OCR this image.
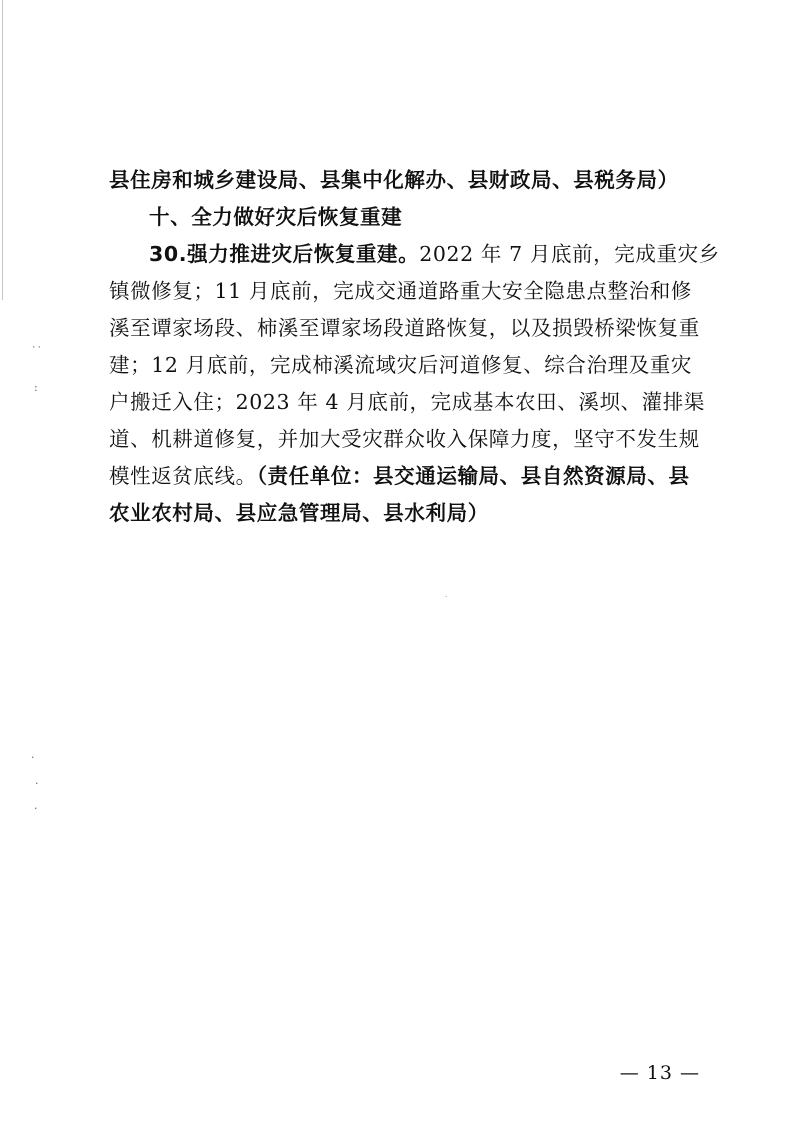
˙˙
:
·
·
.
·
县住房和城乡建设局、县集中化解办、县财政局、县税务局）
十、全力做好灾后恢复重建
30.强力推进灾后恢复重建。2022 年 7 月底前，完成重灾乡
镇微修复；11 月底前，完成交通道路重大安全隐患点整治和修
溪至谭家场段、柿溪至谭家场段道路恢复，以及损毁桥梁恢复重
建；12 月底前，完成柿溪流域灾后河道修复、综合治理及重灾
户搬迁入住；2023 年 4 月底前，完成基本农田、溪坝、灌排渠
道、机耕道修复，并加大受灾群众收入保障力度，坚守不发生规
模性返贫底线。（责任单位：县交通运输局、县自然资源局、县
农业农村局、县应急管理局、县水利局）
— 13 —
